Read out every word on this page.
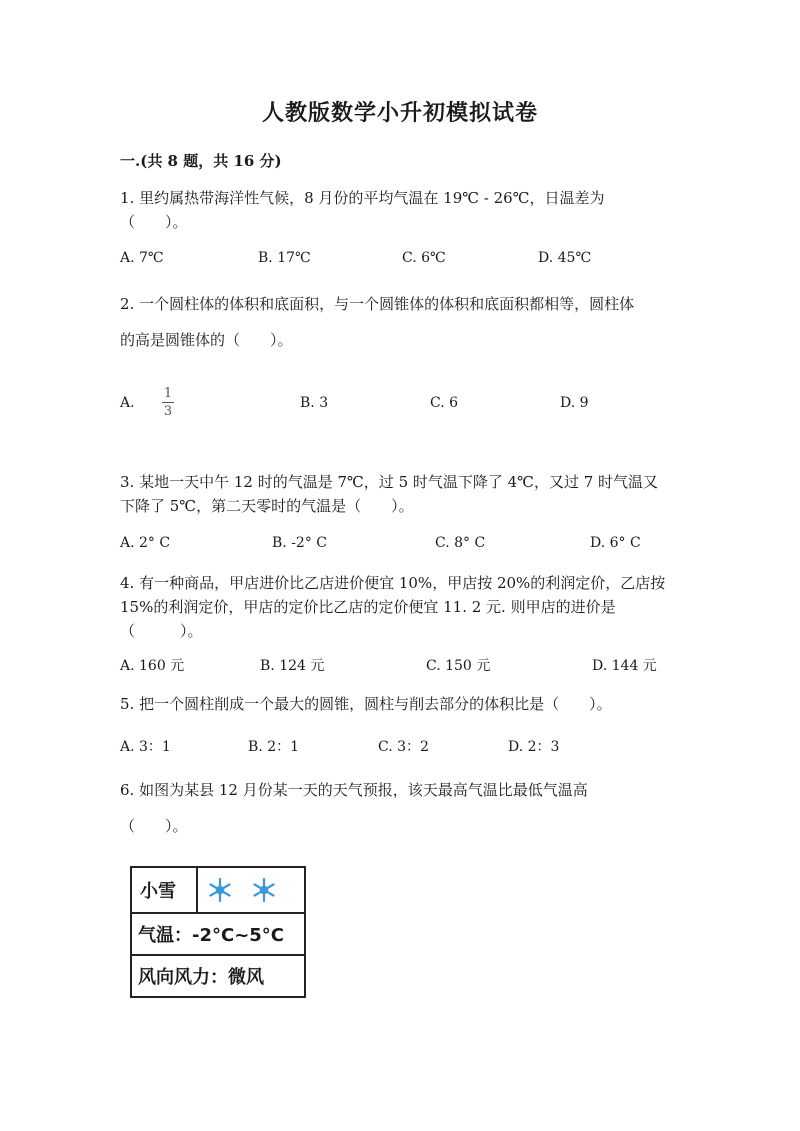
人教版数学小升初模拟试卷
一.(共 8 题，共 16 分)
1. 里约属热带海洋性气候，8 月份的平均气温在 19℃ - 26℃，日温差为
（　　）。
A. 7℃	B. 17℃	C. 6℃	D. 45℃
2. 一个圆柱体的体积和底面积，与一个圆锥体的体积和底面积都相等，圆柱体
的高是圆锥体的（　　）。
A.
1
3
B. 3	C. 6	D. 9
3. 某地一天中午 12 时的气温是 7℃，过 5 时气温下降了 4℃，又过 7 时气温又
下降了 5℃，第二天零时的气温是（　　）。
A. 2° C	B. -2° C	C. 8° C	D. 6° C
4. 有一种商品，甲店进价比乙店进价便宜 10%，甲店按 20%的利润定价，乙店按
15%的利润定价，甲店的定价比乙店的定价便宜 11. 2 元. 则甲店的进价是
（　　　）。
A. 160 元	B. 124 元	C. 150 元	D. 144 元
5. 把一个圆柱削成一个最大的圆锥，圆柱与削去部分的体积比是（　　）。
A. 3：1	B. 2：1	C. 3：2	D. 2：3
6. 如图为某县 12 月份某一天的天气预报，该天最高气温比最低气温高
（　　）。
小雪
气温：-2°C~5°C
风向风力：微风
